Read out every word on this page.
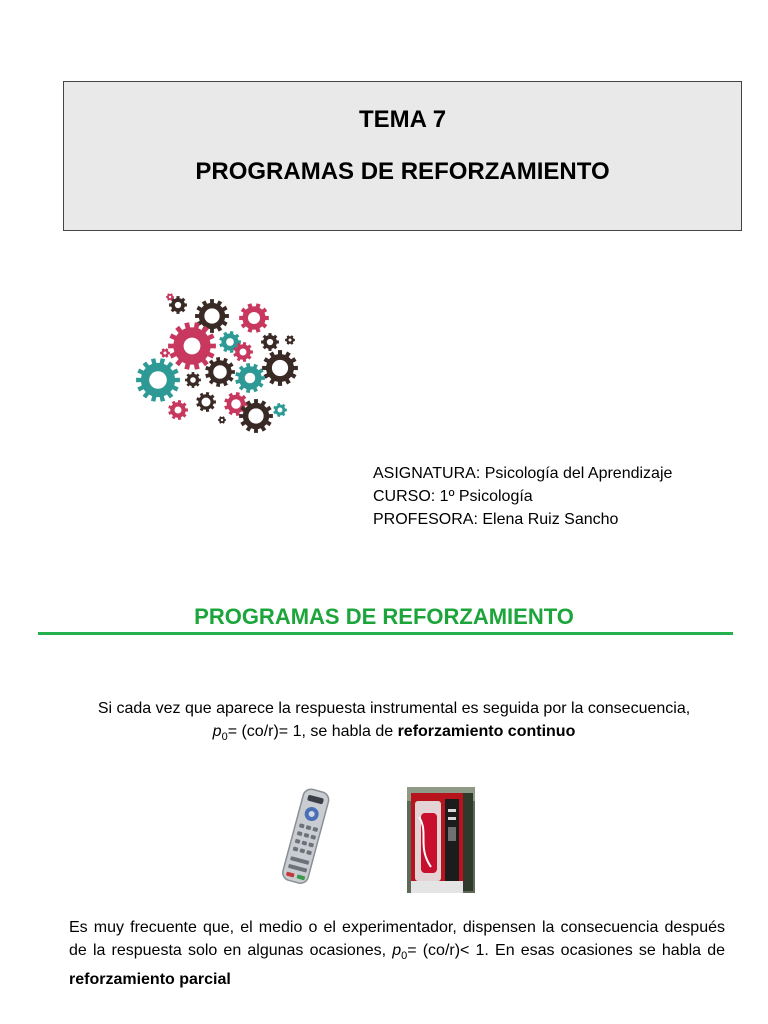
TEMA 7
PROGRAMAS DE REFORZAMIENTO
ASIGNATURA: Psicología del Aprendizaje
CURSO: 1º Psicología
PROFESORA: Elena Ruiz Sancho
PROGRAMAS DE REFORZAMIENTO
Si cada vez que aparece la respuesta instrumental es seguida por la consecuencia,
$p_0= (co/r)= 1$, se habla de reforzamiento continuo
Es muy frecuente que, el medio o el experimentador, dispensen la consecuencia después de la respuesta solo en algunas ocasiones, $p_0= (co/r)< 1$. En esas ocasiones se habla de reforzamiento parcial
